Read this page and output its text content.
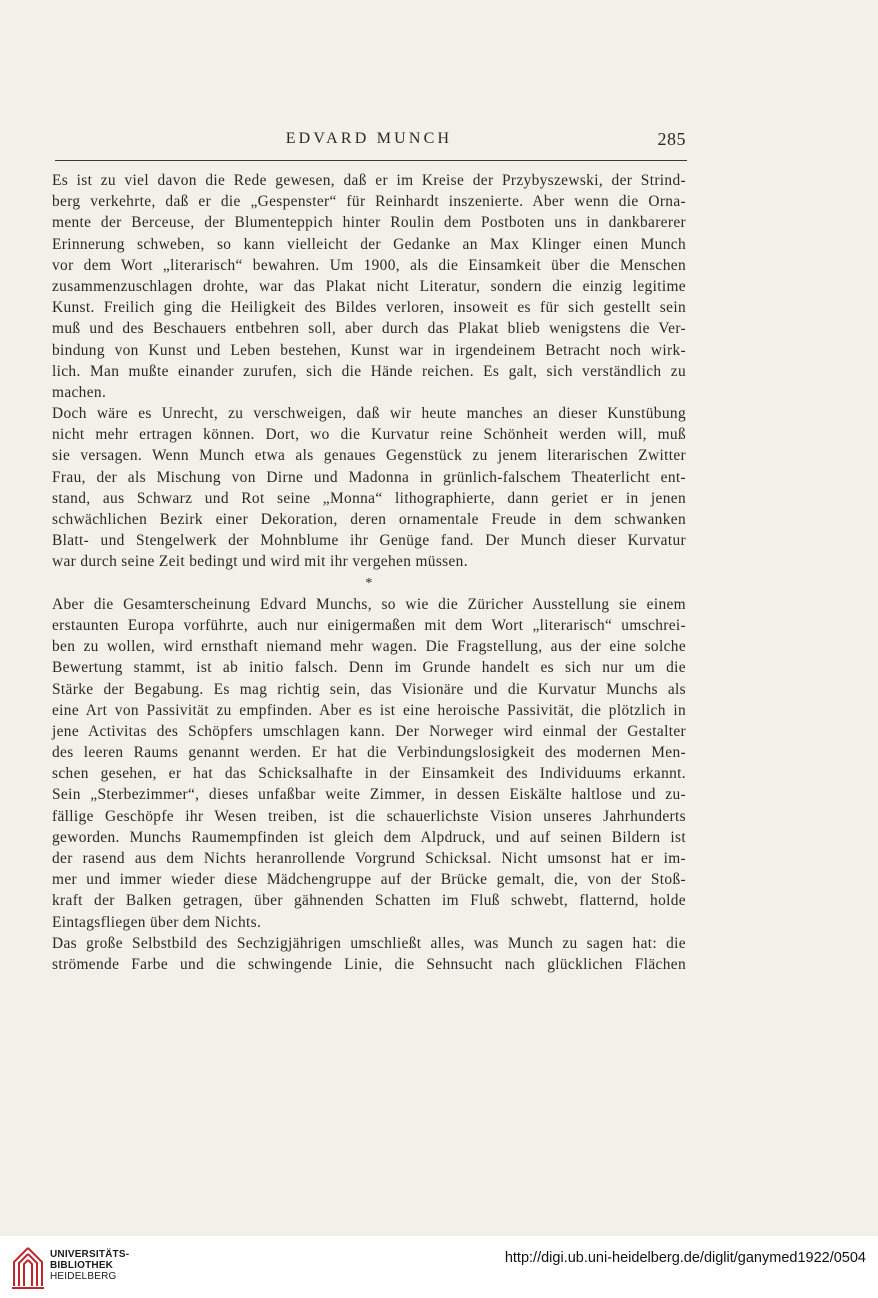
EDVARD MUNCH	285
Es ist zu viel davon die Rede gewesen, daß er im Kreise der Przybyszewski, der Strind-
berg verkehrte, daß er die „Gespenster“ für Reinhardt inszenierte. Aber wenn die Orna-
mente der Berceuse, der Blumenteppich hinter Roulin dem Postboten uns in dankbarerer
Erinnerung schweben, so kann vielleicht der Gedanke an Max Klinger einen Munch
vor dem Wort „literarisch“ bewahren. Um 1900, als die Einsamkeit über die Menschen
zusammenzuschlagen drohte, war das Plakat nicht Literatur, sondern die einzig legitime
Kunst. Freilich ging die Heiligkeit des Bildes verloren, insoweit es für sich gestellt sein
muß und des Beschauers entbehren soll, aber durch das Plakat blieb wenigstens die Ver-
bindung von Kunst und Leben bestehen, Kunst war in irgendeinem Betracht noch wirk-
lich. Man mußte einander zurufen, sich die Hände reichen. Es galt, sich verständlich zu
machen.
Doch wäre es Unrecht, zu verschweigen, daß wir heute manches an dieser Kunstübung
nicht mehr ertragen können. Dort, wo die Kurvatur reine Schönheit werden will, muß
sie versagen. Wenn Munch etwa als genaues Gegenstück zu jenem literarischen Zwitter
Frau, der als Mischung von Dirne und Madonna in grünlich-falschem Theaterlicht ent-
stand, aus Schwarz und Rot seine „Monna“ lithographierte, dann geriet er in jenen
schwächlichen Bezirk einer Dekoration, deren ornamentale Freude in dem schwanken
Blatt- und Stengelwerk der Mohnblume ihr Genüge fand. Der Munch dieser Kurvatur
war durch seine Zeit bedingt und wird mit ihr vergehen müssen.
*
Aber die Gesamterscheinung Edvard Munchs, so wie die Züricher Ausstellung sie einem
erstaunten Europa vorführte, auch nur einigermaßen mit dem Wort „literarisch“ umschrei-
ben zu wollen, wird ernsthaft niemand mehr wagen. Die Fragstellung, aus der eine solche
Bewertung stammt, ist ab initio falsch. Denn im Grunde handelt es sich nur um die
Stärke der Begabung. Es mag richtig sein, das Visionäre und die Kurvatur Munchs als
eine Art von Passivität zu empfinden. Aber es ist eine heroische Passivität, die plötzlich in
jene Activitas des Schöpfers umschlagen kann. Der Norweger wird einmal der Gestalter
des leeren Raums genannt werden. Er hat die Verbindungslosigkeit des modernen Men-
schen gesehen, er hat das Schicksalhafte in der Einsamkeit des Individuums erkannt.
Sein „Sterbezimmer“, dieses unfaßbar weite Zimmer, in dessen Eiskälte haltlose und zu-
fällige Geschöpfe ihr Wesen treiben, ist die schauerlichste Vision unseres Jahrhunderts
geworden. Munchs Raumempfinden ist gleich dem Alpdruck, und auf seinen Bildern ist
der rasend aus dem Nichts heranrollende Vorgrund Schicksal. Nicht umsonst hat er im-
mer und immer wieder diese Mädchengruppe auf der Brücke gemalt, die, von der Stoß-
kraft der Balken getragen, über gähnenden Schatten im Fluß schwebt, flatternd, holde
Eintagsfliegen über dem Nichts.
Das große Selbstbild des Sechzigjährigen umschließt alles, was Munch zu sagen hat: die
strömende Farbe und die schwingende Linie, die Sehnsucht nach glücklichen Flächen
UNIVERSITÄTS-
BIBLIOTHEK
HEIDELBERG
http://digi.ub.uni-heidelberg.de/diglit/ganymed1922/0504
